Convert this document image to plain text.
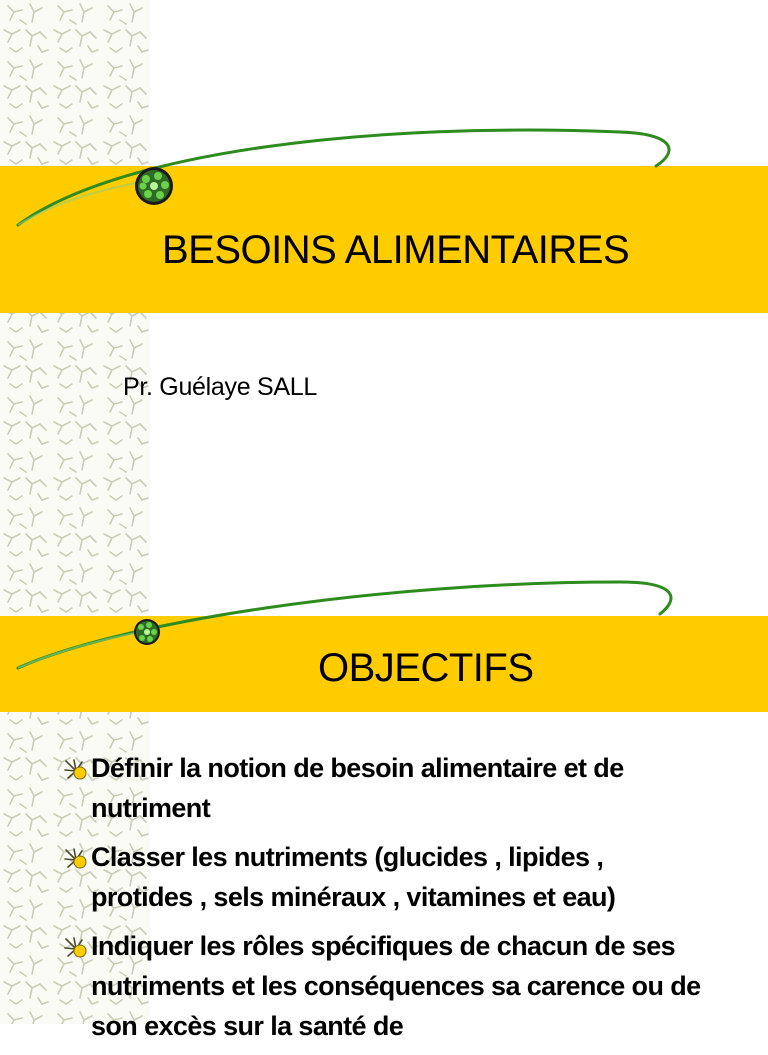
BESOINS ALIMENTAIRES
Pr. Guélaye SALL
OBJECTIFS
Définir la notion de besoin alimentaire et de nutriment
Classer les nutriments (glucides , lipides , protides , sels minéraux , vitamines et eau)
Indiquer les rôles spécifiques de chacun de ses nutriments et les conséquences sa carence ou de son excès sur la santé de
